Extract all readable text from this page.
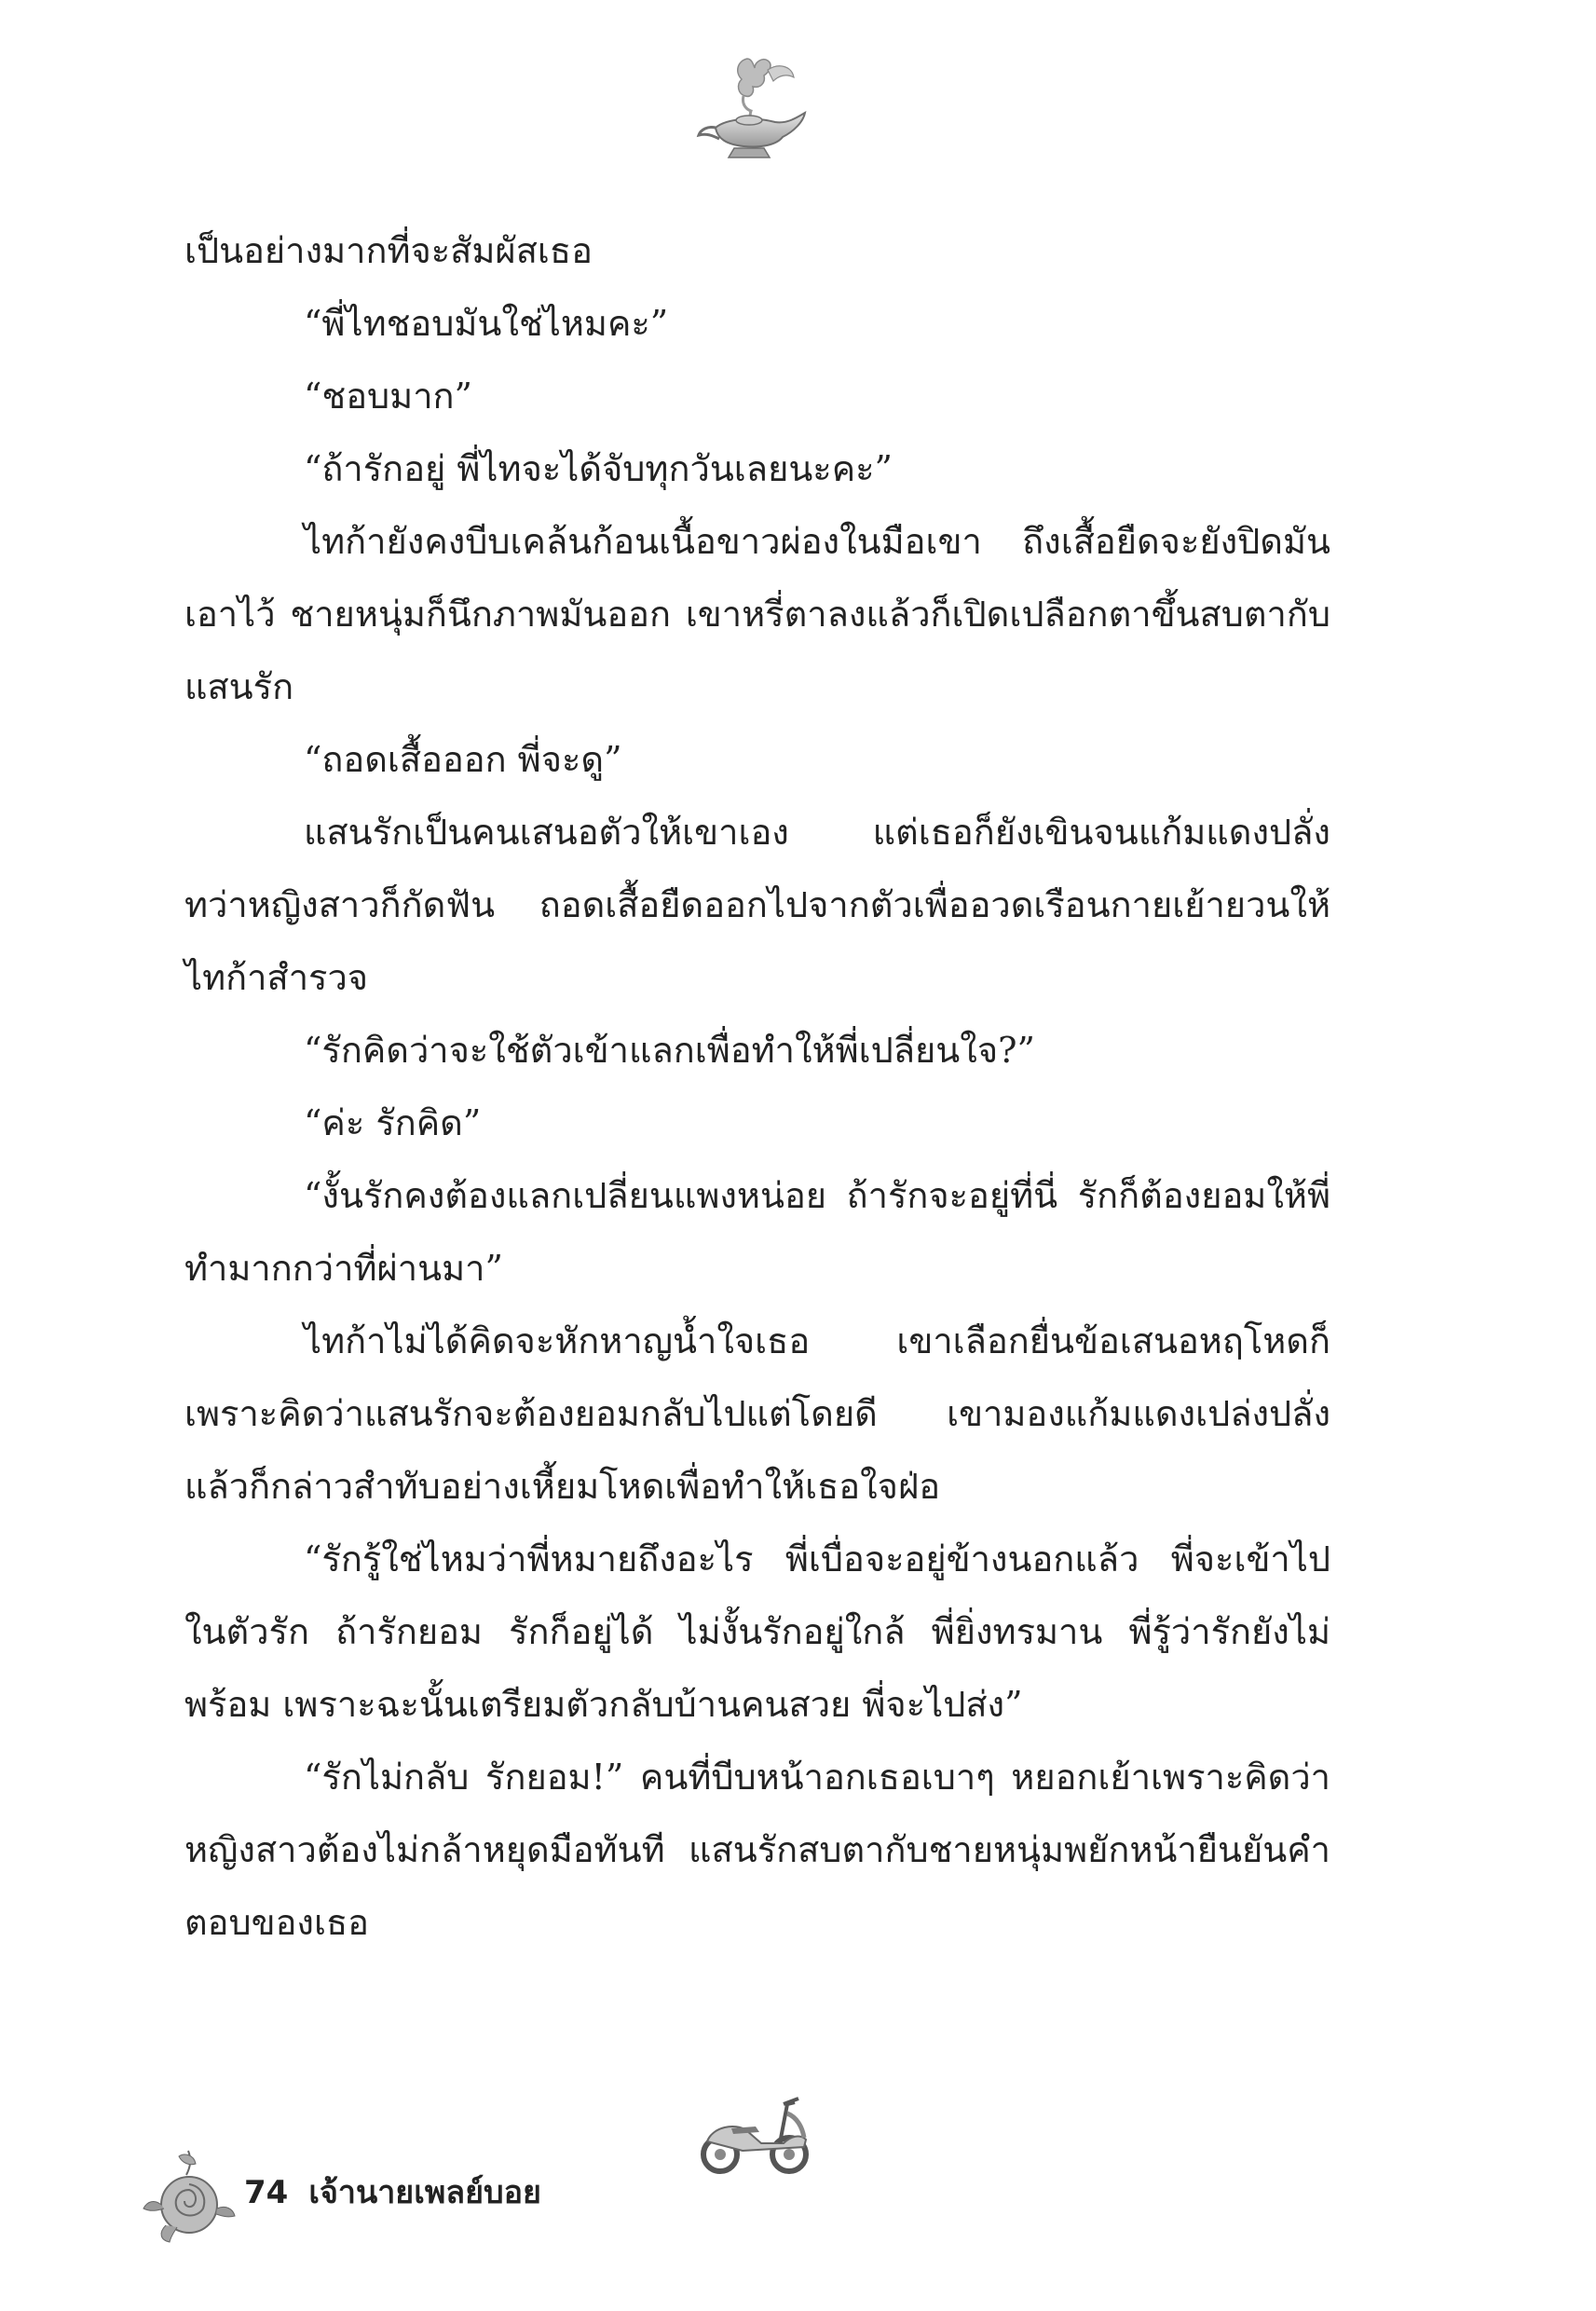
เป็นอย่างมากที่จะสัมผัสเธอ

“พี่ไทชอบมันใช่ไหมคะ”

“ชอบมาก”

“ถ้ารักอยู่ พี่ไทจะได้จับทุกวันเลยนะคะ”

ไทก้ายังคงบีบเคล้นก้อนเนื้อขาวผ่องในมือเขา ถึงเสื้อยืดจะยังปิดมันเอาไว้ ชายหนุ่มก็นึกภาพมันออก เขาหรี่ตาลงแล้วก็เปิดเปลือกตาขึ้นสบตากับแสนรัก

“ถอดเสื้อออก พี่จะดู”

แสนรักเป็นคนเสนอตัวให้เขาเอง แต่เธอก็ยังเขินจนแก้มแดงปลั่ง ทว่าหญิงสาวก็กัดฟัน ถอดเสื้อยืดออกไปจากตัวเพื่ออวดเรือนกายเย้ายวนให้ไทก้าสำรวจ

“รักคิดว่าจะใช้ตัวเข้าแลกเพื่อทำให้พี่เปลี่ยนใจ?”

“ค่ะ รักคิด”

“งั้นรักคงต้องแลกเปลี่ยนแพงหน่อย ถ้ารักจะอยู่ที่นี่ รักก็ต้องยอมให้พี่ทำมากกว่าที่ผ่านมา”

ไทก้าไม่ได้คิดจะหักหาญน้ำใจเธอ เขาเลือกยื่นข้อเสนอหฤโหดก็เพราะคิดว่าแสนรักจะต้องยอมกลับไปแต่โดยดี เขามองแก้มแดงเปล่งปลั่งแล้วก็กล่าวสำทับอย่างเหี้ยมโหดเพื่อทำให้เธอใจฝ่อ

“รักรู้ใช่ไหมว่าพี่หมายถึงอะไร พี่เบื่อจะอยู่ข้างนอกแล้ว พี่จะเข้าไปในตัวรัก ถ้ารักยอม รักก็อยู่ได้ ไม่งั้นรักอยู่ใกล้ พี่ยิ่งทรมาน พี่รู้ว่ารักยังไม่พร้อม เพราะฉะนั้นเตรียมตัวกลับบ้านคนสวย พี่จะไปส่ง”

“รักไม่กลับ รักยอม!” คนที่บีบหน้าอกเธอเบาๆ หยอกเย้าเพราะคิดว่าหญิงสาวต้องไม่กล้าหยุดมือทันที แสนรักสบตากับชายหนุ่มพยักหน้ายืนยันคำตอบของเธอ

74 เจ้านายเพลย์บอย
